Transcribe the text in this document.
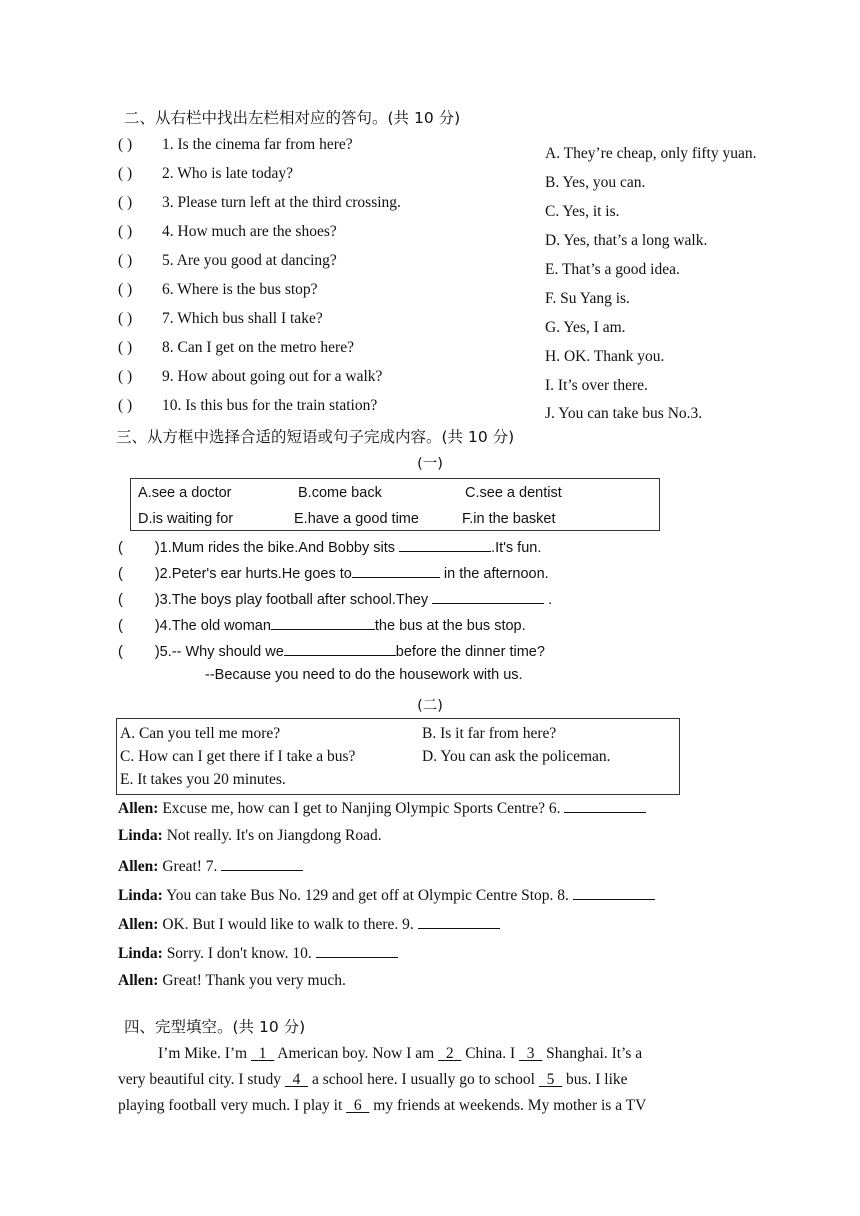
二、从右栏中找出左栏相对应的答句。(共 10 分)
( ) 1. Is the cinema far from here?
( ) 2. Who is late today?
( ) 3. Please turn left at the third crossing.
( ) 4. How much are the shoes?
( ) 5. Are you good at dancing?
( ) 6. Where is the bus stop?
( ) 7. Which bus shall I take?
( ) 8. Can I get on the metro here?
( ) 9. How about going out for a walk?
( ) 10. Is this bus for the train station?
A. They’re cheap, only fifty yuan.
B. Yes, you can.
C. Yes, it is.
D. Yes, that’s a long walk.
E. That’s a good idea.
F. Su Yang is.
G. Yes, I am.
H. OK. Thank you.
I. It’s over there.
J. You can take bus No.3.
三、从方框中选择合适的短语或句子完成内容。(共 10 分)
(一)
A.see a doctor	B.come back	C.see a dentist
D.is waiting for	E.have a good time	F.in the basket
( )1.Mum rides the bike.And Bobby sits	.It's fun.
( )2.Peter's ear hurts.He goes to	in the afternoon.
( )3.The boys play football after school.They	.
( )4.The old woman	the bus at the bus stop.
( )5.-- Why should we	before the dinner time?
--Because you need to do the housework with us.
(二)
A. Can you tell me more?	B. Is it far from here?
C. How can I get there if I take a bus?	D. You can ask the policeman.
E. It takes you 20 minutes.
Allen: Excuse me, how can I get to Nanjing Olympic Sports Centre? 6.
Linda: Not really. It's on Jiangdong Road.
Allen: Great! 7.
Linda: You can take Bus No. 129 and get off at Olympic Centre Stop. 8.
Allen: OK. But I would like to walk to there. 9.
Linda: Sorry. I don't know. 10.
Allen: Great! Thank you very much.
四、完型填空。(共 10 分)
I’m Mike. I’m   1   American boy. Now I am   2   China. I   3   Shanghai. It’s a
very beautiful city. I study   4   a school here. I usually go to school   5   bus. I like
playing football very much. I play it   6   my friends at weekends. My mother is a TV
